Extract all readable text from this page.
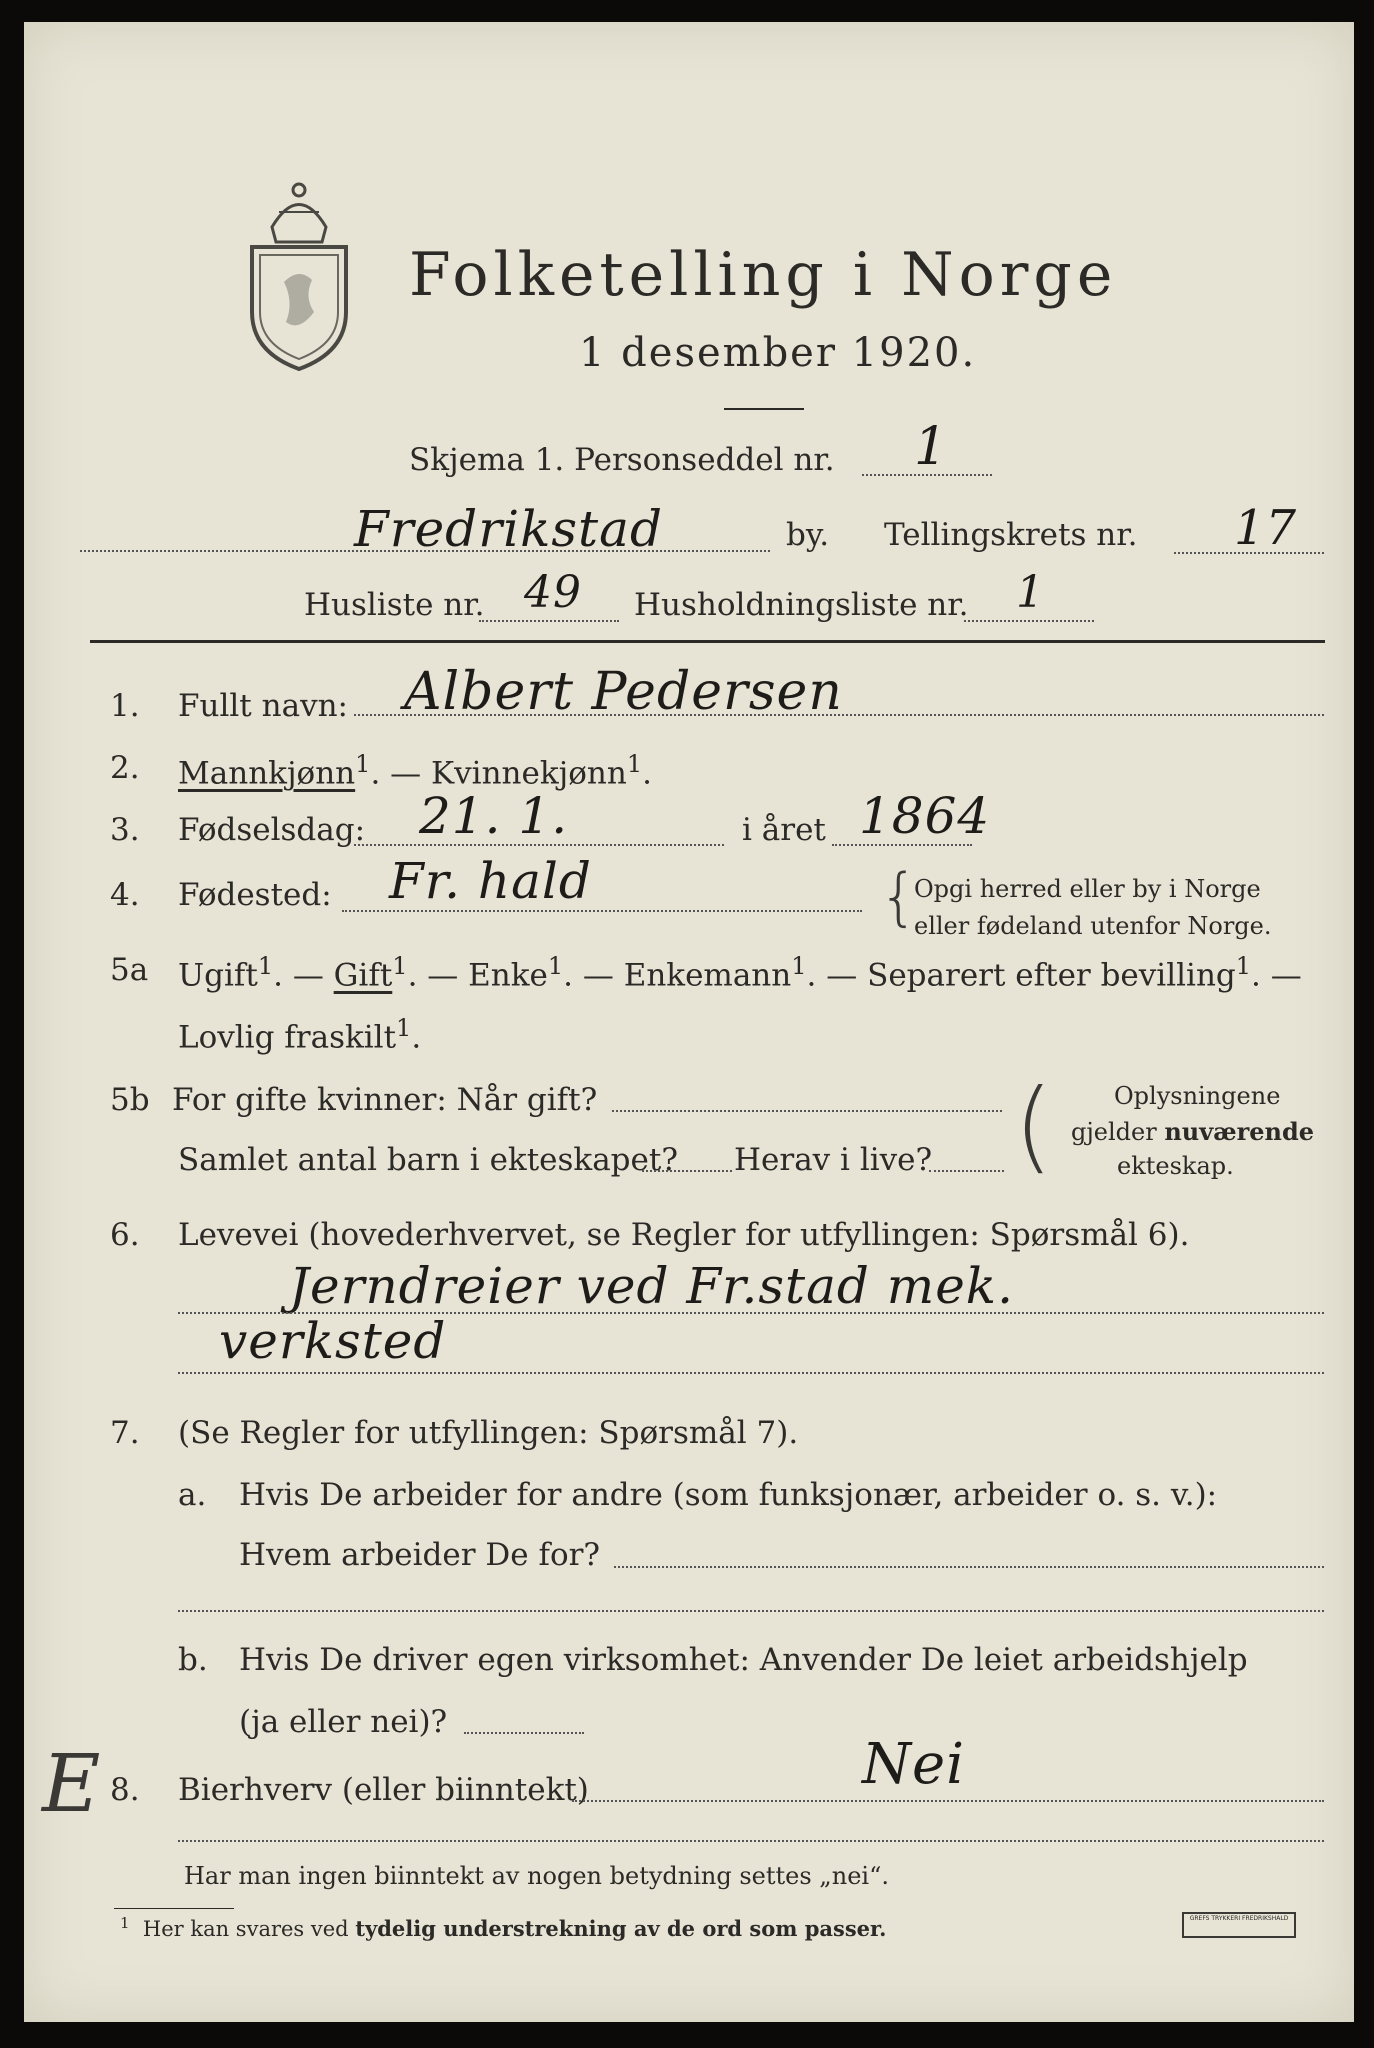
Folketelling i Norge
1 desember 1920.
Skjema 1. Personseddel nr. 1
Fredrikstad	by. Tellingskrets nr. 17
Husliste nr. 49 Husholdningsliste nr. 1
1. Fullt navn: Albert Pedersen
2. Mannkjønn$^1$. — Kvinnekjønn$^1$.
3. Fødselsdag: 21. 1.	i året 1864
4. Fødested: Fr. hald	{
Opgi herred eller by i Norge
eller fødeland utenfor Norge.
5a Ugift$^1$. — Gift$^1$. — Enke$^1$. — Enkemann$^1$. — Separert efter bevilling$^1$. —
Lovlig fraskilt$^1$.
5b For gifte kvinner: Når gift?
Samlet antal barn i ekteskapet? Herav i live? (	Oplysningene
gjelder nuværende
ekteskap.
6. Levevei (hovederhvervet, se Regler for utfyllingen: Spørsmål 6).
Jerndreier ved Fr.stad mek.
verksted
7. (Se Regler for utfyllingen: Spørsmål 7).
a. Hvis De arbeider for andre (som funksjonær, arbeider o. s. v.):
Hvem arbeider De for?
b. Hvis De driver egen virksomhet: Anvender De leiet arbeidshjelp
(ja eller nei)?
E 8. Bierhverv (eller biinntekt)	Nei
Har man ingen biinntekt av nogen betydning settes „nei“.
$^1$ Her kan svares ved tydelig understrekning av de ord som passer.	GREFS TRYKKERI FREDRIKSHALD
